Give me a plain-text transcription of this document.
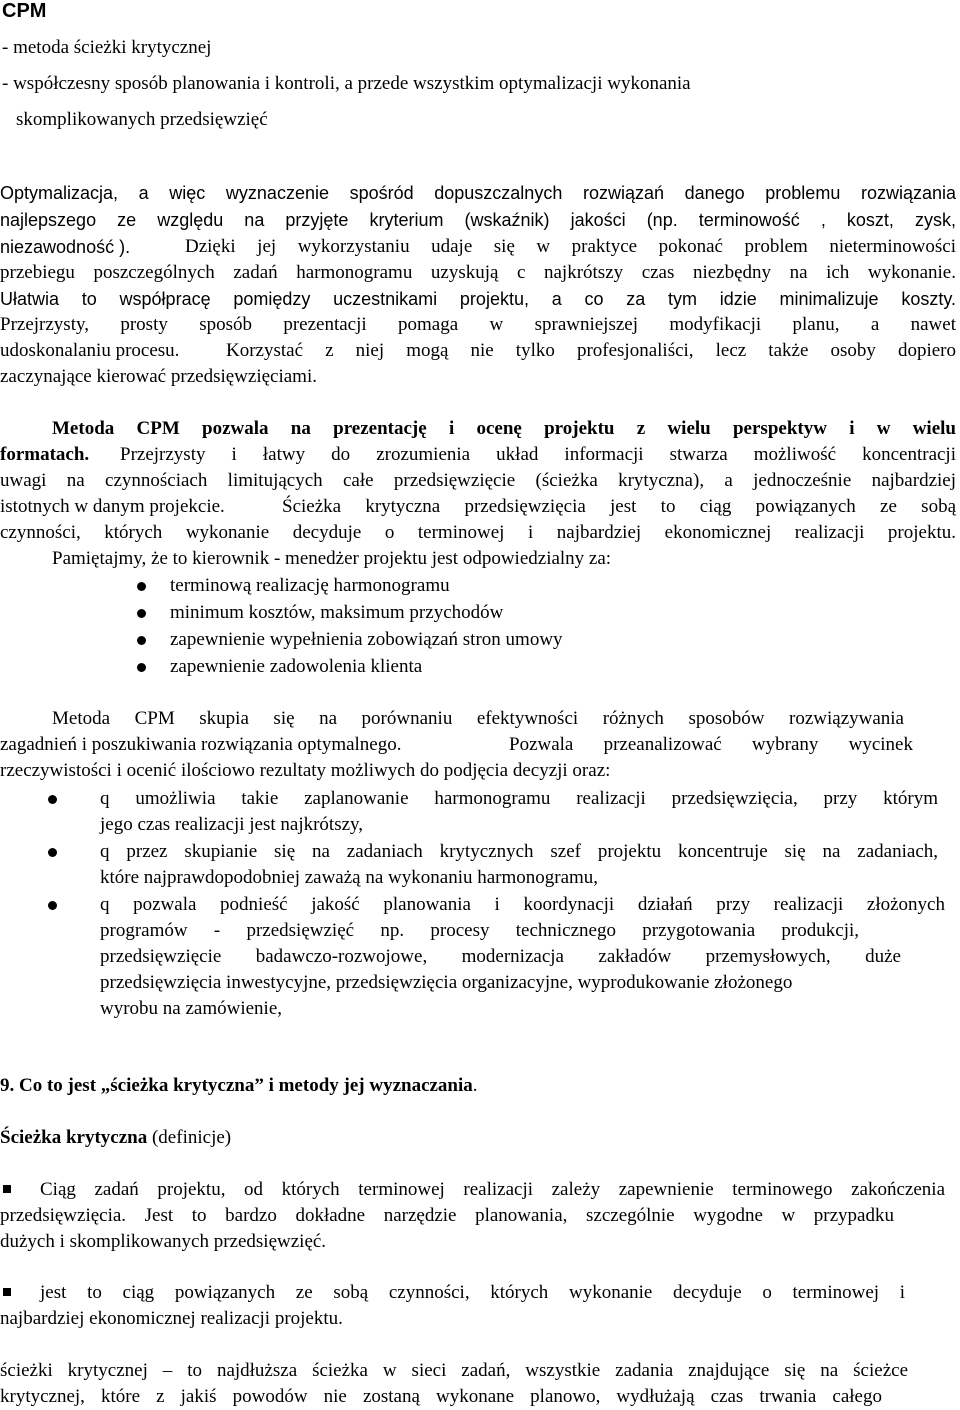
CPM
- metoda ścieżki krytycznej
- współczesny sposób planowania i kontroli, a przede wszystkim optymalizacji wykonania
skomplikowanych przedsięwzięć
Optymalizacja, a więc wyznaczenie spośród dopuszczalnych rozwiązań danego problemu rozwiązania
najlepszego ze względu na przyjęte kryterium (wskaźnik) jakości (np. terminowość , koszt, zysk,
niezawodność ).	Dzięki jej wykorzystaniu udaje się w praktyce pokonać problem nieterminowości
przebiegu poszczególnych zadań harmonogramu uzyskują c najkrótszy czas niezbędny na ich wykonanie.
Ułatwia to współpracę pomiędzy uczestnikami projektu, a co za tym idzie minimalizuje koszty.
Przejrzysty, prosty sposób prezentacji pomaga w sprawniejszej modyfikacji planu, a nawet
udoskonalaniu procesu. Korzystać z niej mogą nie tylko profesjonaliści, lecz także osoby dopiero
zaczynające kierować przedsięwzięciami.
Metoda CPM pozwala na prezentację i ocenę projektu z wielu perspektyw i w wielu
formatach. Przejrzysty i łatwy do zrozumienia układ informacji stwarza możliwość koncentracji
uwagi na czynnościach limitujących całe przedsięwzięcie (ścieżka krytyczna), a jednocześnie najbardziej
istotnych w danym projekcie.	Ścieżka krytyczna przedsięwzięcia jest to ciąg powiązanych ze sobą
czynności, których wykonanie decyduje o terminowej i najbardziej ekonomicznej realizacji projektu.
Pamiętajmy, że to kierownik - menedżer projektu jest odpowiedzialny za:
terminową realizację harmonogramu
minimum kosztów, maksimum przychodów
zapewnienie wypełnienia zobowiązań stron umowy
zapewnienie zadowolenia klienta
Metoda CPM skupia się na porównaniu efektywności różnych sposobów rozwiązywania
zagadnień i poszukiwania rozwiązania optymalnego.	Pozwala przeanalizować wybrany wycinek
rzeczywistości i ocenić ilościowo rezultaty możliwych do podjęcia decyzji oraz:
q umożliwia takie zaplanowanie harmonogramu realizacji przedsięwzięcia, przy którym
jego czas realizacji jest najkrótszy,
q przez skupianie się na zadaniach krytycznych szef projektu koncentruje się na zadaniach,
które najprawdopodobniej zaważą na wykonaniu harmonogramu,
q pozwala podnieść jakość planowania i koordynacji działań przy realizacji złożonych
programów - przedsięwzięć np. procesy technicznego przygotowania produkcji,
przedsięwzięcie badawczo-rozwojowe, modernizacja zakładów przemysłowych, duże
przedsięwzięcia inwestycyjne, przedsięwzięcia organizacyjne, wyprodukowanie złożonego
wyrobu na zamówienie,
9. Co to jest „ścieżka krytyczna” i metody jej wyznaczania.
Ścieżka krytyczna (definicje)
Ciąg zadań projektu, od których terminowej realizacji zależy zapewnienie terminowego zakończenia
przedsięwzięcia. Jest to bardzo dokładne narzędzie planowania, szczególnie wygodne w przypadku
dużych i skomplikowanych przedsięwzięć.
jest to ciąg powiązanych ze sobą czynności, których wykonanie decyduje o terminowej i
najbardziej ekonomicznej realizacji projektu.
ścieżki krytycznej – to najdłuższa ścieżka w sieci zadań, wszystkie zadania znajdujące się na ścieżce
krytycznej, które z jakiś powodów nie zostaną wykonane planowo, wydłużają czas trwania całego
